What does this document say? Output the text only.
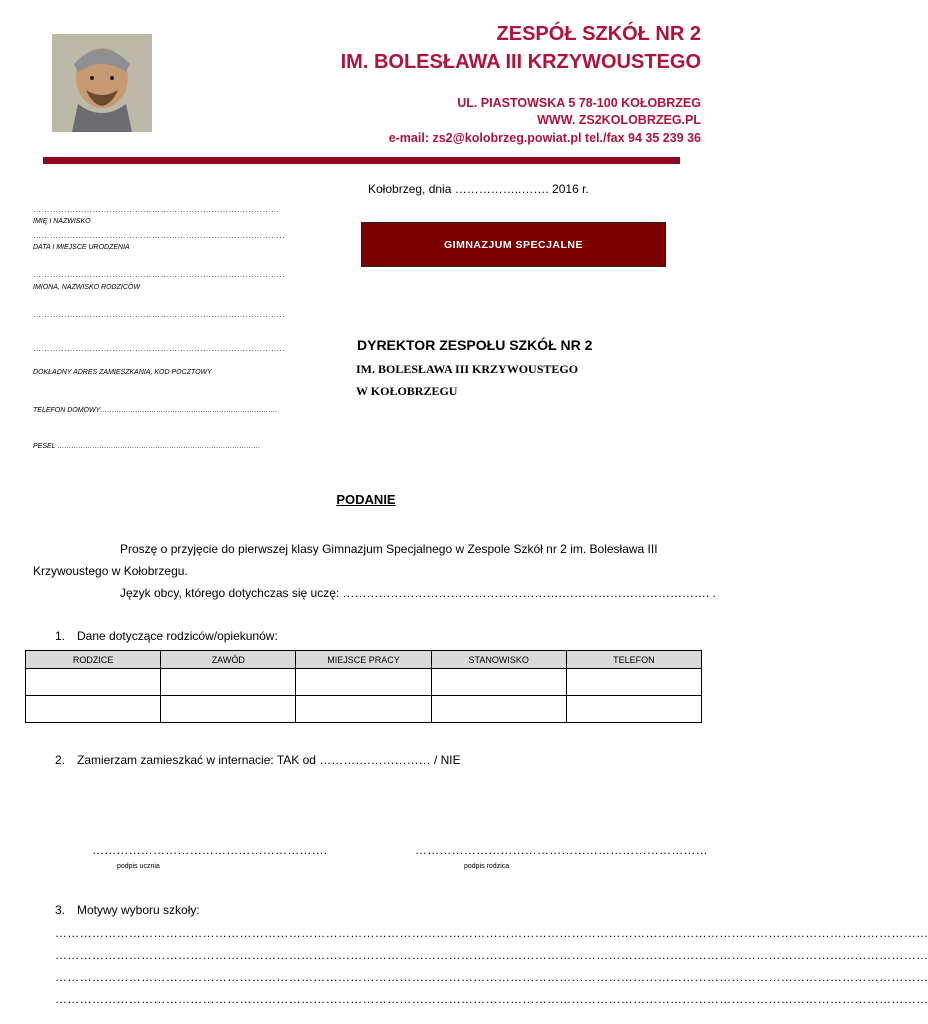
ZESPÓŁ SZKÓŁ NR 2
IM. BOLESŁAWA III KRZYWOUSTEGO
UL. PIASTOWSKA 5 78-100 KOŁOBRZEG
WWW. ZS2KOLOBRZEG.PL
e-mail: zs2@kolobrzeg.powiat.pl tel./fax 94 35 239 36
Kołobrzeg, dnia ……………..……. 2016 r.
……………………………………………………………………………
IMIĘ I NAZWISKO
……………………………………………………………………………..
DATA I MIEJSCE URODZENIA
……………………………………………………………………………..
IMIONA, NAZWISKO RODZICÓW
……………………………………………………………………………..
……………………………………………………………………………..
DOKŁADNY ADRES ZAMIESZKANIA, KOD POCZTOWY
TELEFON DOMOWY………………………………………………………………….
PESEL ……………………………………………………………………………
GIMNAZJUM SPECJALNE
DYREKTOR ZESPOŁU SZKÓŁ NR 2
IM. BOLESŁAWA III KRZYWOUSTEGO
W KOŁOBRZEGU
PODANIE
Proszę o przyjęcie do pierwszej klasy Gimnazjum Specjalnego w Zespole Szkół nr 2 im. Bolesława III
Krzywoustego w Kołobrzegu.
Język obcy, którego dotychczas się uczę: ……………………………………………….………………………………. .
1. Dane dotyczące rodziców/opiekunów:
RODZICE	ZAWÓD	MIEJSCE PRACY	STANOWISKO	TELEFON

2. Zamierzam zamieszkać w internacie: TAK od ………….…………… / NIE
………………………………………………….
podpis ucznia
………………………………………………………………
podpis rodzica
3. Motywy wyboru szkoły:
……………………………………………………………………………………………………………………………………………………………………………………………
……………………………………………………………………………………………………………………………………………………………………………………………
……………………………………………………………………………………………………………………………………………………………………………………………
……………………………………………………………………………………………………………………………………………………………………………………………
